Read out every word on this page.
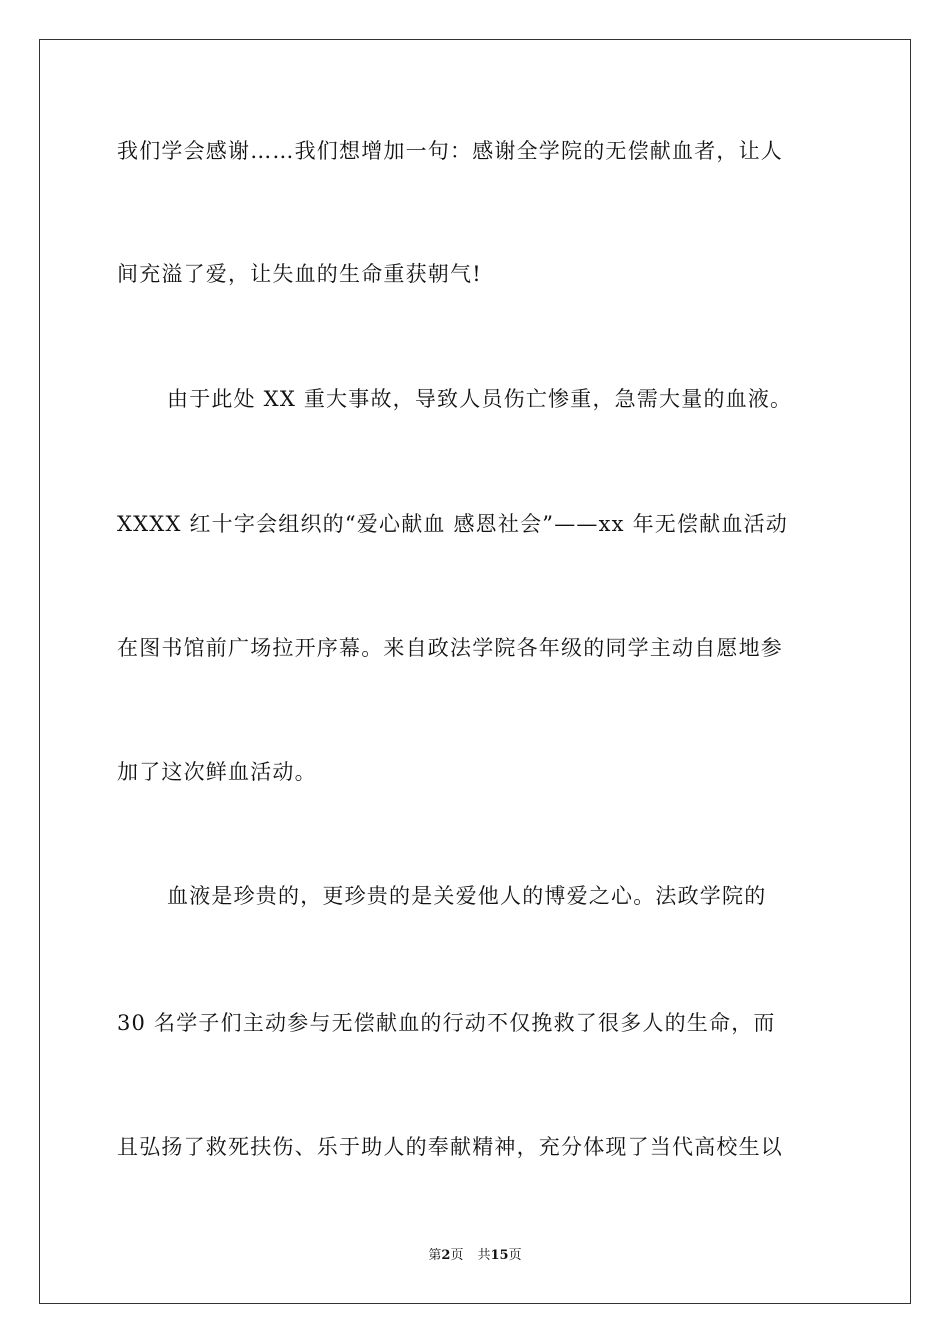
我们学会感谢……我们想增加一句：感谢全学院的无偿献血者，让人
间充溢了爱，让失血的生命重获朝气!
由于此处 XX 重大事故，导致人员伤亡惨重，急需大量的血液。
XXXX 红十字会组织的“爱心献血 感恩社会”——xx 年无偿献血活动
在图书馆前广场拉开序幕。来自政法学院各年级的同学主动自愿地参
加了这次鲜血活动。
血液是珍贵的，更珍贵的是关爱他人的博爱之心。法政学院的
30 名学子们主动参与无偿献血的行动不仅挽救了很多人的生命，而
且弘扬了救死扶伤、乐于助人的奉献精神，充分体现了当代高校生以
第2页 共15页
